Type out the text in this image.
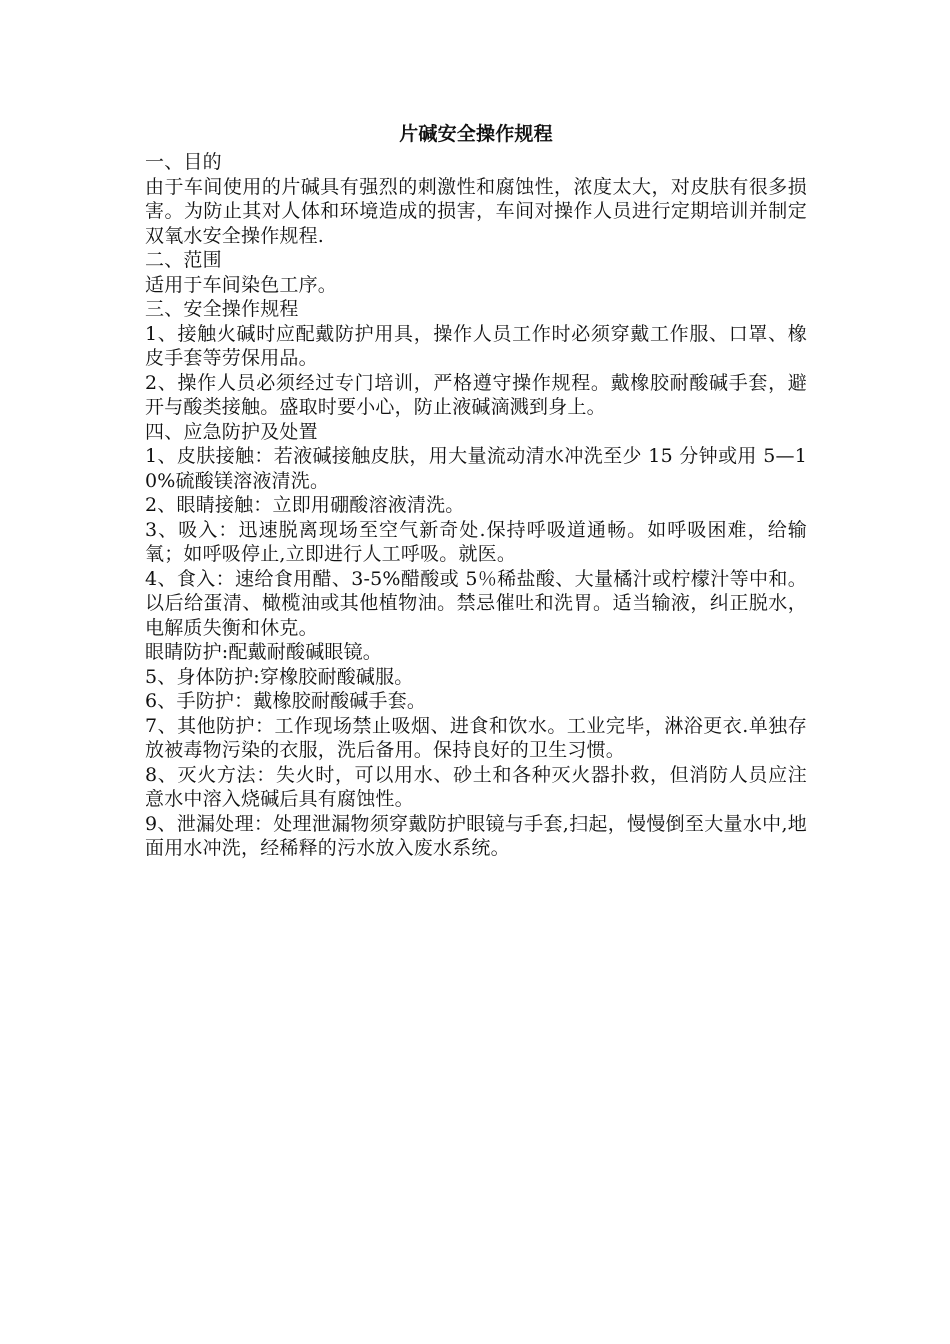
片碱安全操作规程

一、目的

由于车间使用的片碱具有强烈的刺激性和腐蚀性，浓度太大，对皮肤有很多损害。为防止其对人体和环境造成的损害，车间对操作人员进行定期培训并制定双氧水安全操作规程.

二、范围

适用于车间染色工序。

三、安全操作规程

1、接触火碱时应配戴防护用具，操作人员工作时必须穿戴工作服、口罩、橡皮手套等劳保用品。

2、操作人员必须经过专门培训，严格遵守操作规程。戴橡胶耐酸碱手套，避开与酸类接触。盛取时要小心，防止液碱滴溅到身上。

四、应急防护及处置

1、皮肤接触：若液碱接触皮肤，用大量流动清水冲洗至少 15 分钟或用 5—10%硫酸镁溶液清洗。

2、眼睛接触：立即用硼酸溶液清洗。

3、吸入：迅速脱离现场至空气新奇处.保持呼吸道通畅。如呼吸困难，给输氧；如呼吸停止,立即进行人工呼吸。就医。

4、食入：速给食用醋、3-5%醋酸或 5％稀盐酸、大量橘汁或柠檬汁等中和。以后给蛋清、橄榄油或其他植物油。禁忌催吐和洗胃。适当输液，纠正脱水，电解质失衡和休克。

眼睛防护:配戴耐酸碱眼镜。

5、身体防护:穿橡胶耐酸碱服。

6、手防护：戴橡胶耐酸碱手套。

7、其他防护：工作现场禁止吸烟、进食和饮水。工业完毕，淋浴更衣.单独存放被毒物污染的衣服，洗后备用。保持良好的卫生习惯。

8、灭火方法：失火时，可以用水、砂土和各种灭火器扑救，但消防人员应注意水中溶入烧碱后具有腐蚀性。

9、泄漏处理：处理泄漏物须穿戴防护眼镜与手套,扫起，慢慢倒至大量水中,地面用水冲洗，经稀释的污水放入废水系统。
